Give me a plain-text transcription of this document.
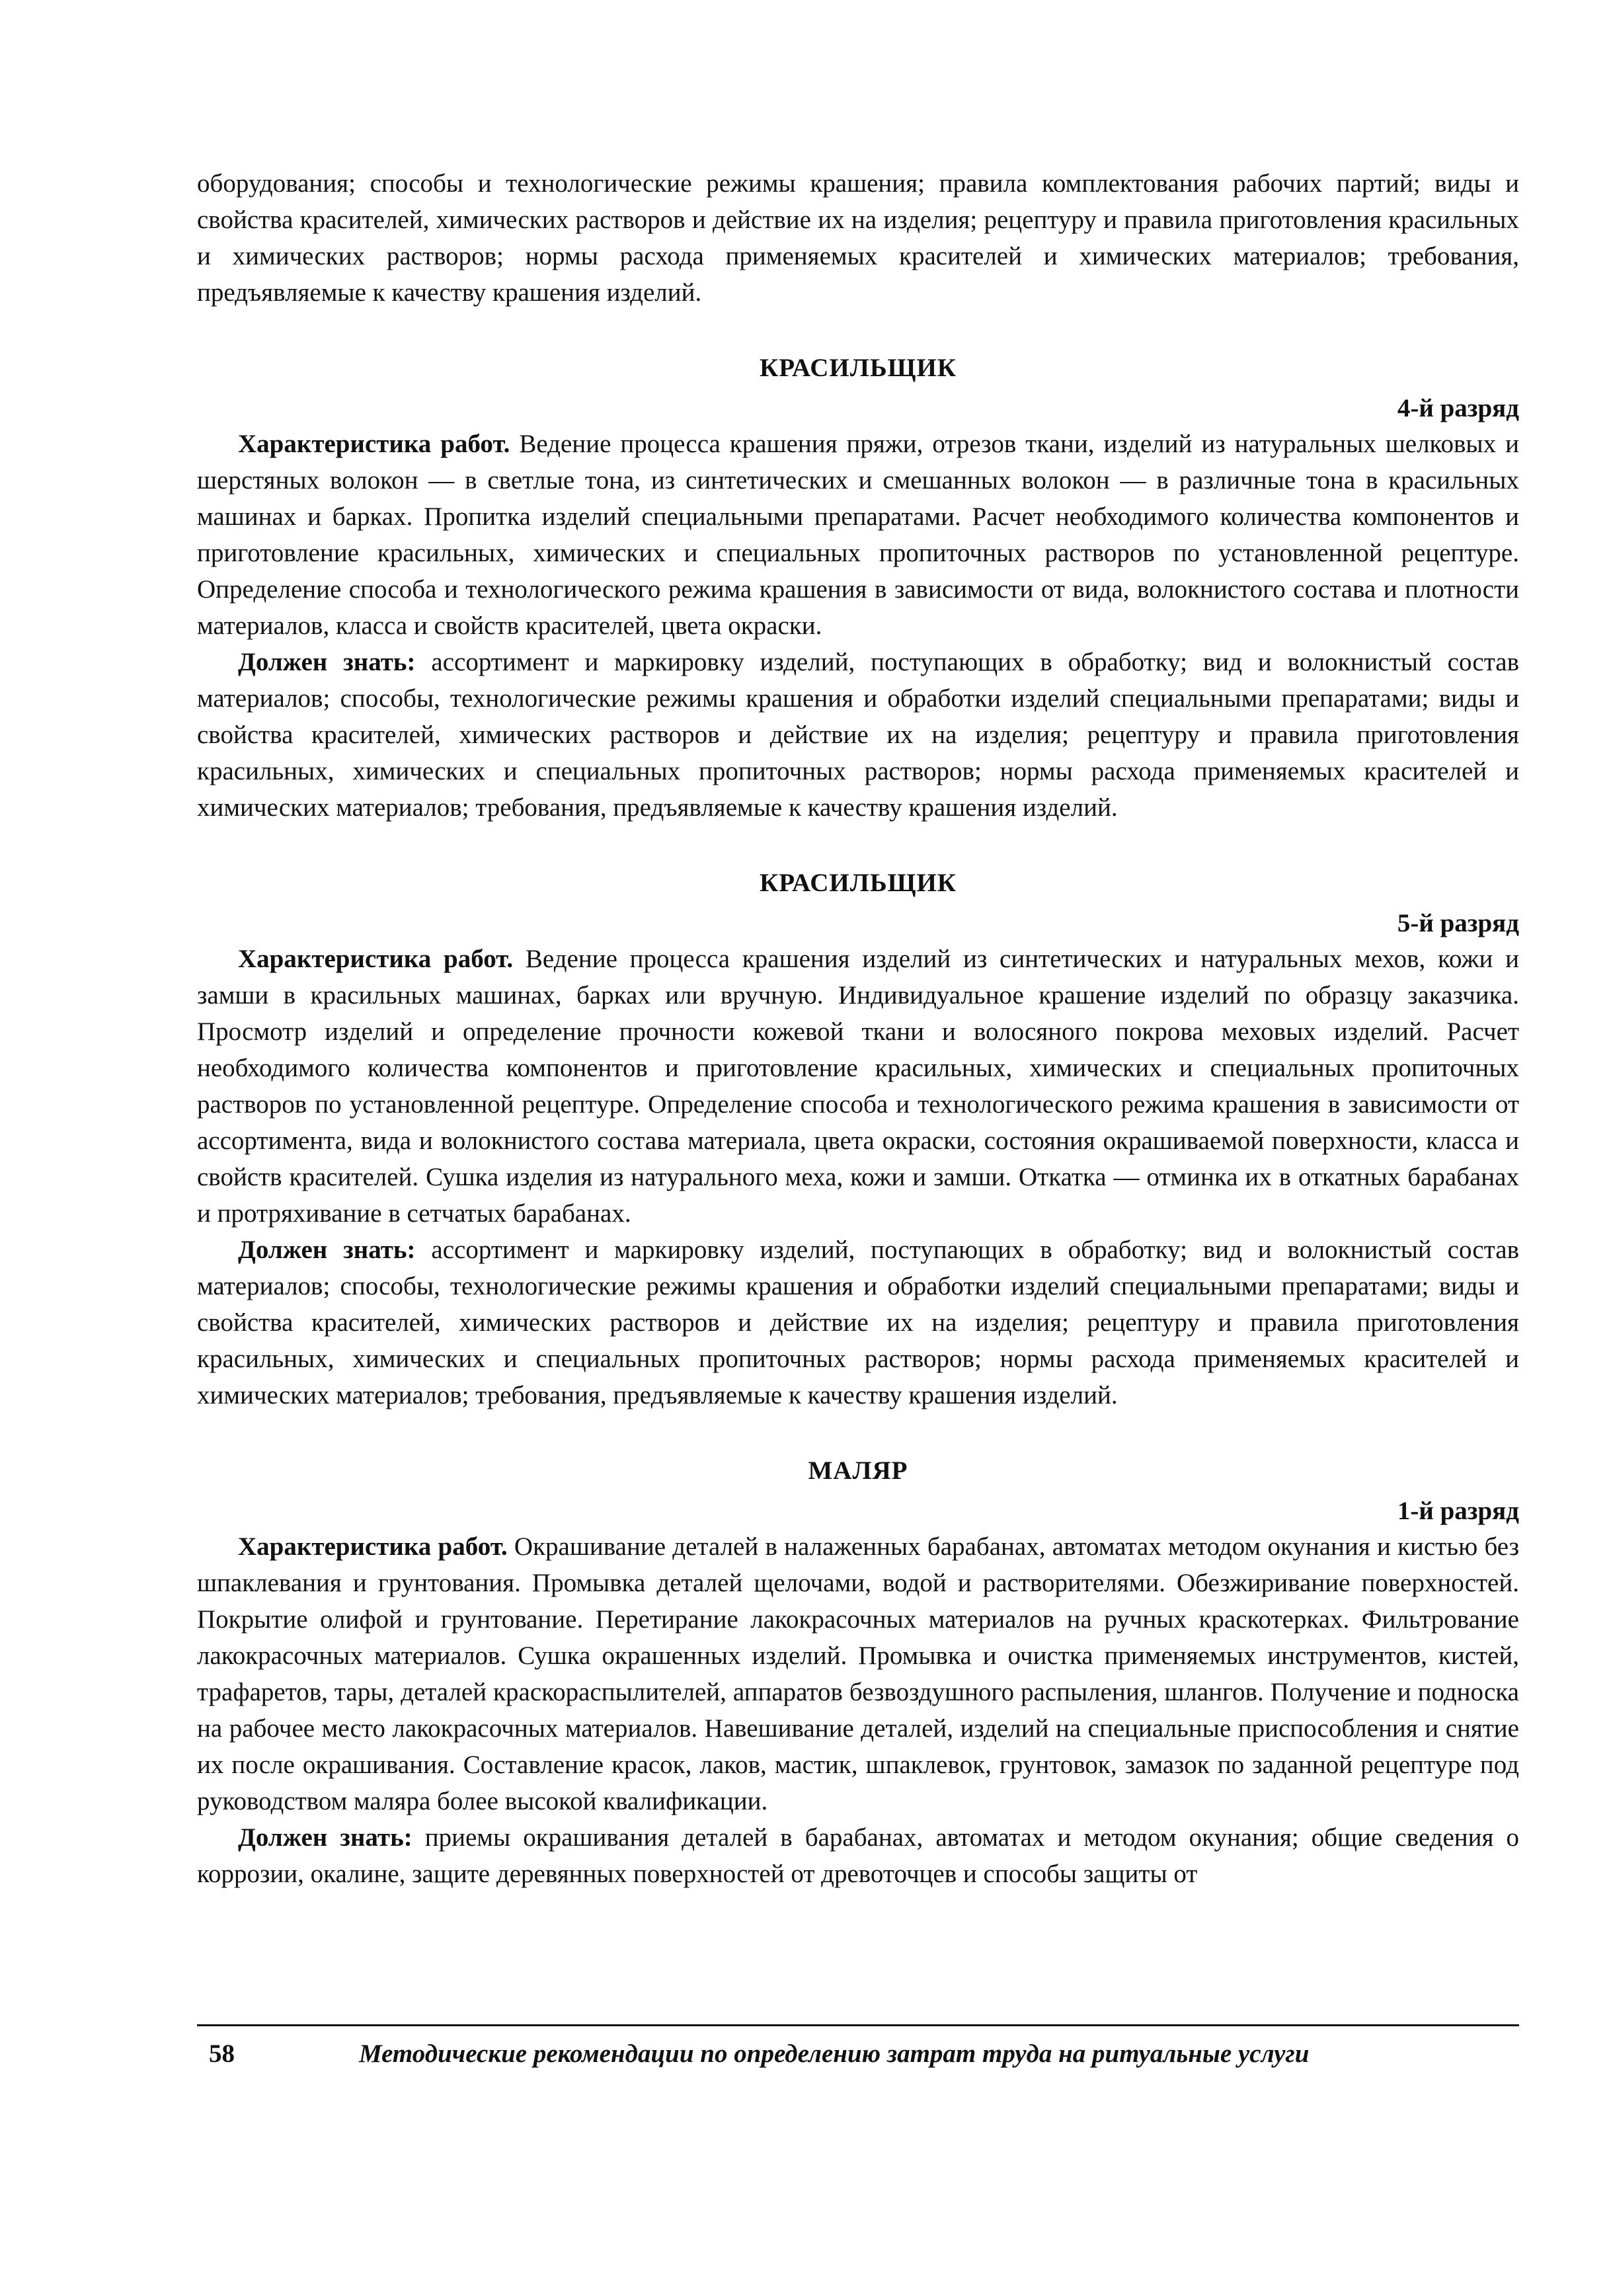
оборудования; способы и технологические режимы крашения; правила комплектования рабочих партий; виды и свойства красителей, химических растворов и действие их на изделия; рецептуру и правила приготовления красильных и химических растворов; нормы расхода применяемых красителей и химических материалов; требования, предъявляемые к качеству крашения изделий.

КРАСИЛЬЩИК
4-й разряд

Характеристика работ. Ведение процесса крашения пряжи, отрезов ткани, изделий из натуральных шелковых и шерстяных волокон — в светлые тона, из синтетических и смешанных волокон — в различные тона в красильных машинах и барках. Пропитка изделий специальными препаратами. Расчет необходимого количества компонентов и приготовление красильных, химических и специальных пропиточных растворов по установленной рецептуре. Определение способа и технологического режима крашения в зависимости от вида, волокнистого состава и плотности материалов, класса и свойств красителей, цвета окраски.

Должен знать: ассортимент и маркировку изделий, поступающих в обработку; вид и волокнистый состав материалов; способы, технологические режимы крашения и обработки изделий специальными препаратами; виды и свойства красителей, химических растворов и действие их на изделия; рецептуру и правила приготовления красильных, химических и специальных пропиточных растворов; нормы расхода применяемых красителей и химических материалов; требования, предъявляемые к качеству крашения изделий.

КРАСИЛЬЩИК
5-й разряд

Характеристика работ. Ведение процесса крашения изделий из синтетических и натуральных мехов, кожи и замши в красильных машинах, барках или вручную. Индивидуальное крашение изделий по образцу заказчика. Просмотр изделий и определение прочности кожевой ткани и волосяного покрова меховых изделий. Расчет необходимого количества компонентов и приготовление красильных, химических и специальных пропиточных растворов по установленной рецептуре. Определение способа и технологического режима крашения в зависимости от ассортимента, вида и волокнистого состава материала, цвета окраски, состояния окрашиваемой поверхности, класса и свойств красителей. Сушка изделия из натурального меха, кожи и замши. Откатка — отминка их в откатных барабанах и протряхивание в сетчатых барабанах.

Должен знать: ассортимент и маркировку изделий, поступающих в обработку; вид и волокнистый состав материалов; способы, технологические режимы крашения и обработки изделий специальными препаратами; виды и свойства красителей, химических растворов и действие их на изделия; рецептуру и правила приготовления красильных, химических и специальных пропиточных растворов; нормы расхода применяемых красителей и химических материалов; требования, предъявляемые к качеству крашения изделий.

МАЛЯР
1-й разряд

Характеристика работ. Окрашивание деталей в налаженных барабанах, автоматах методом окунания и кистью без шпаклевания и грунтования. Промывка деталей щелочами, водой и растворителями. Обезжиривание поверхностей. Покрытие олифой и грунтование. Перетирание лакокрасочных материалов на ручных краскотерках. Фильтрование лакокрасочных материалов. Сушка окрашенных изделий. Промывка и очистка применяемых инструментов, кистей, трафаретов, тары, деталей краскораспылителей, аппаратов безвоздушного распыления, шлангов. Получение и подноска на рабочее место лакокрасочных материалов. Навешивание деталей, изделий на специальные приспособления и снятие их после окрашивания. Составление красок, лаков, мастик, шпаклевок, грунтовок, замазок по заданной рецептуре под руководством маляра более высокой квалификации.

Должен знать: приемы окрашивания деталей в барабанах, автоматах и методом окунания; общие сведения о коррозии, окалине, защите деревянных поверхностей от древоточцев и способы защиты от

58	Методические рекомендации по определению затрат труда на ритуальные услуги
